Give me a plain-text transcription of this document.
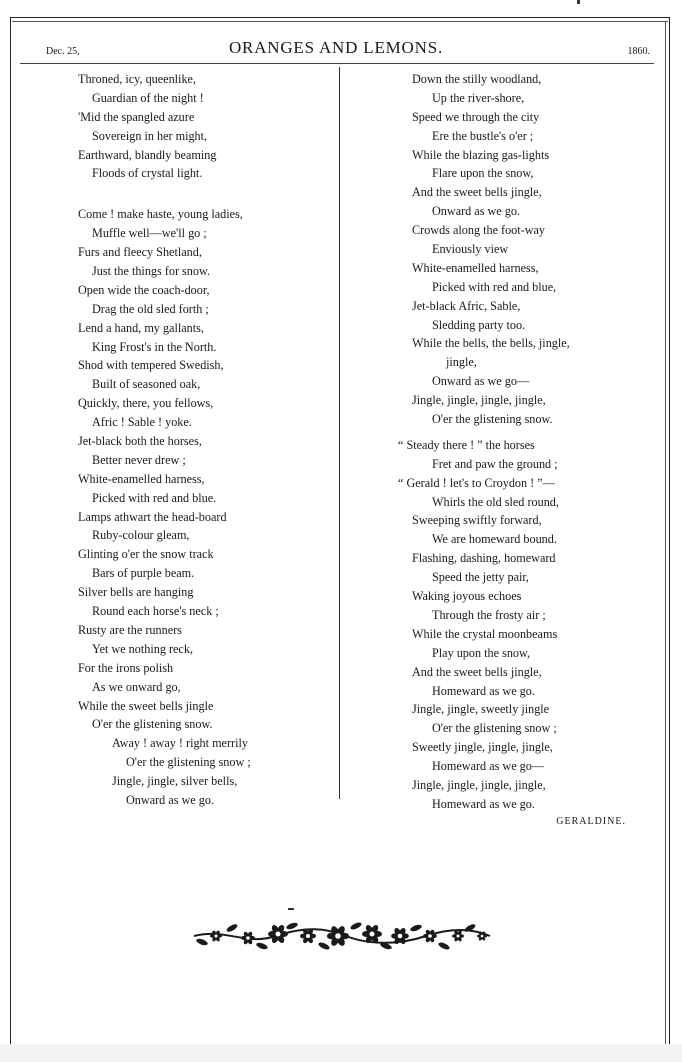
Dec. 25,	ORANGES AND LEMONS.	1860.
Throned, icy, queenlike,
Guardian of the night !
'Mid the spangled azure
Sovereign in her might,
Earthward, blandly beaming
Floods of crystal light.
Come ! make haste, young ladies,
Muffle well—we'll go ;
Furs and fleecy Shetland,
Just the things for snow.
Open wide the coach-door,
Drag the old sled forth ;
Lend a hand, my gallants,
King Frost's in the North.
Shod with tempered Swedish,
Built of seasoned oak,
Quickly, there, you fellows,
Afric ! Sable ! yoke.
Jet-black both the horses,
Better never drew ;
White-enamelled harness,
Picked with red and blue.
Lamps athwart the head-board
Ruby-colour gleam,
Glinting o'er the snow track
Bars of purple beam.
Silver bells are hanging
Round each horse's neck ;
Rusty are the runners
Yet we nothing reck,
For the irons polish
As we onward go,
While the sweet bells jingle
O'er the glistening snow.
Away ! away ! right merrily
O'er the glistening snow ;
Jingle, jingle, silver bells,
Onward as we go.
Down the stilly woodland,
Up the river-shore,
Speed we through the city
Ere the bustle's o'er ;
While the blazing gas-lights
Flare upon the snow,
And the sweet bells jingle,
Onward as we go.
Crowds along the foot-way
Enviously view
White-enamelled harness,
Picked with red and blue,
Jet-black Afric, Sable,
Sledding party too.
While the bells, the bells, jingle,
jingle,
Onward as we go—
Jingle, jingle, jingle, jingle,
O'er the glistening snow.
“ Steady there ! ” the horses
Fret and paw the ground ;
“ Gerald ! let's to Croydon ! ”—
Whirls the old sled round,
Sweeping swiftly forward,
We are homeward bound.
Flashing, dashing, homeward
Speed the jetty pair,
Waking joyous echoes
Through the frosty air ;
While the crystal moonbeams
Play upon the snow,
And the sweet bells jingle,
Homeward as we go.
Jingle, jingle, sweetly jingle
O'er the glistening snow ;
Sweetly jingle, jingle, jingle,
Homeward as we go—
Jingle, jingle, jingle, jingle,
Homeward as we go.
GERALDINE.
